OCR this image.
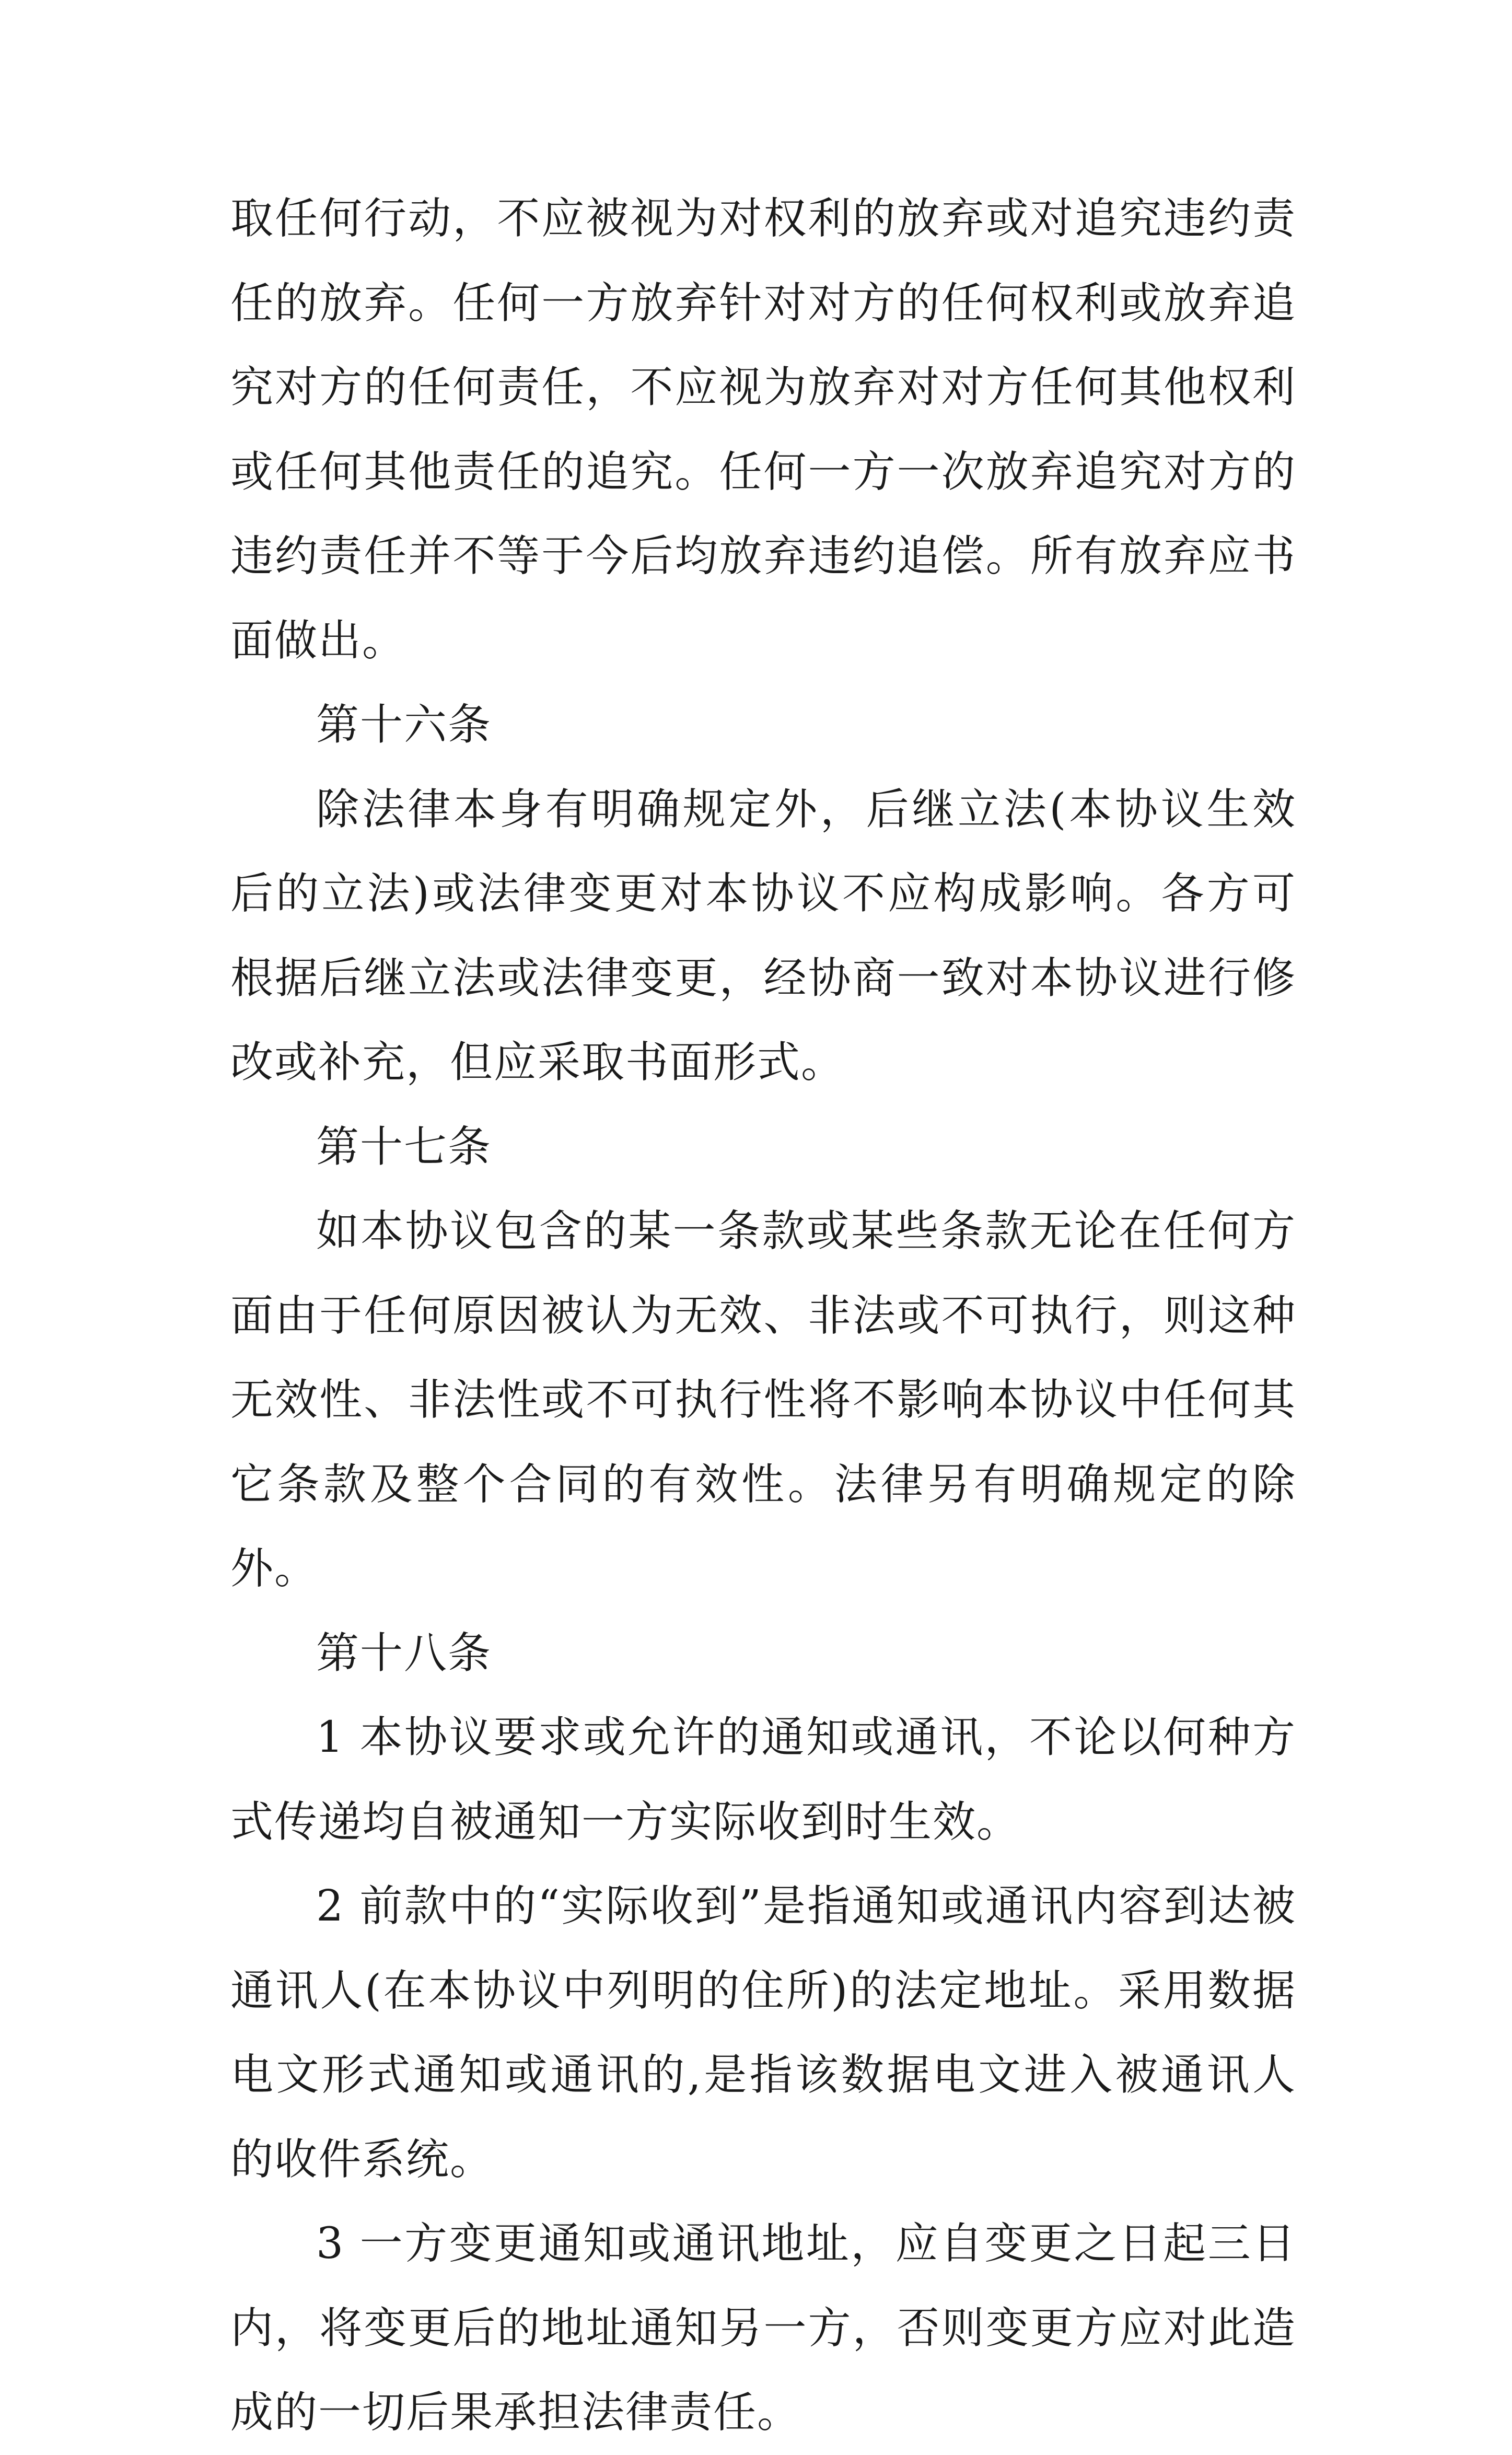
取任何行动，不应被视为对权利的放弃或对追究违约责任的放弃。任何一方放弃针对对方的任何权利或放弃追究对方的任何责任，不应视为放弃对对方任何其他权利或任何其他责任的追究。任何一方一次放弃追究对方的违约责任并不等于今后均放弃违约追偿。所有放弃应书面做出。

第十六条

除法律本身有明确规定外，后继立法(本协议生效后的立法)或法律变更对本协议不应构成影响。各方可根据后继立法或法律变更，经协商一致对本协议进行修改或补充，但应采取书面形式。

第十七条

如本协议包含的某一条款或某些条款无论在任何方面由于任何原因被认为无效、非法或不可执行，则这种无效性、非法性或不可执行性将不影响本协议中任何其它条款及整个合同的有效性。法律另有明确规定的除外。

第十八条

1 本协议要求或允许的通知或通讯，不论以何种方式传递均自被通知一方实际收到时生效。

2 前款中的“实际收到”是指通知或通讯内容到达被通讯人(在本协议中列明的住所)的法定地址。采用数据电文形式通知或通讯的,是指该数据电文进入被通讯人的收件系统。

3 一方变更通知或通讯地址，应自变更之日起三日内，将变更后的地址通知另一方，否则变更方应对此造成的一切后果承担法律责任。
